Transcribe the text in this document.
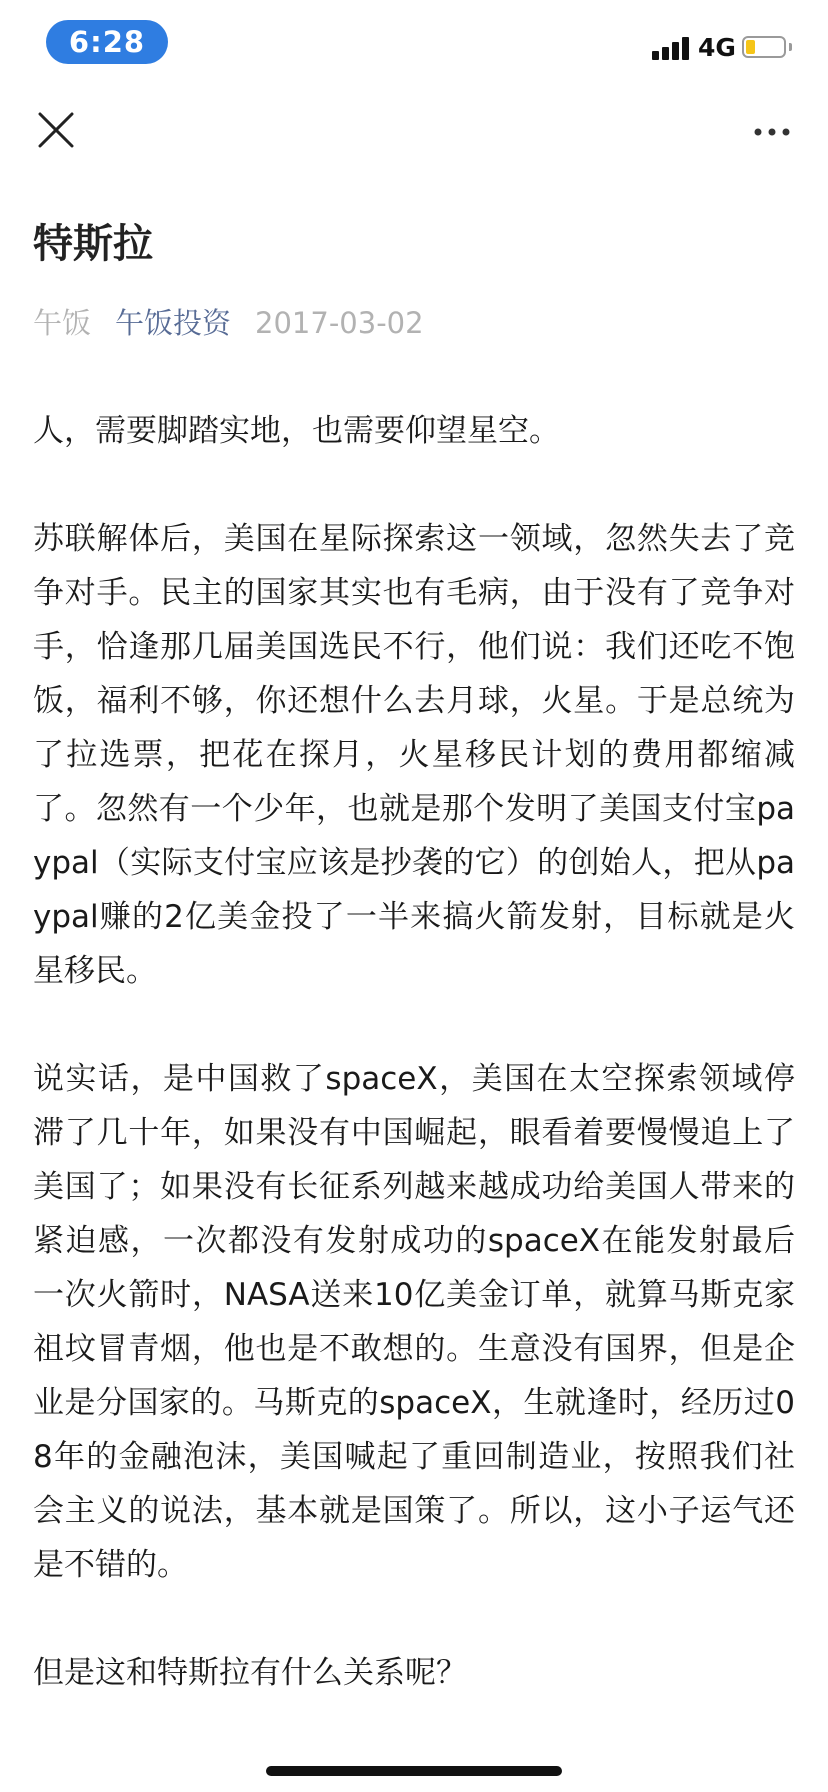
6:28	4G
特斯拉
午饭 午饭投资 2017-03-02

人，需要脚踏实地，也需要仰望星空。

苏联解体后，美国在星际探索这一领域，忽然失去了竞争对手。民主的国家其实也有毛病，由于没有了竞争对手，恰逢那几届美国选民不行，他们说：我们还吃不饱饭，福利不够，你还想什么去月球，火星。于是总统为了拉选票，把花在探月，火星移民计划的费用都缩减了。忽然有一个少年，也就是那个发明了美国支付宝paypal（实际支付宝应该是抄袭的它）的创始人，把从paypal赚的2亿美金投了一半来搞火箭发射，目标就是火星移民。

说实话，是中国救了spaceX，美国在太空探索领域停滞了几十年，如果没有中国崛起，眼看着要慢慢追上了美国了；如果没有长征系列越来越成功给美国人带来的紧迫感，一次都没有发射成功的spaceX在能发射最后一次火箭时，NASA送来10亿美金订单，就算马斯克家祖坟冒青烟，他也是不敢想的。生意没有国界，但是企业是分国家的。马斯克的spaceX，生就逢时，经历过08年的金融泡沫，美国喊起了重回制造业，按照我们社会主义的说法，基本就是国策了。所以，这小子运气还是不错的。

但是这和特斯拉有什么关系呢？
